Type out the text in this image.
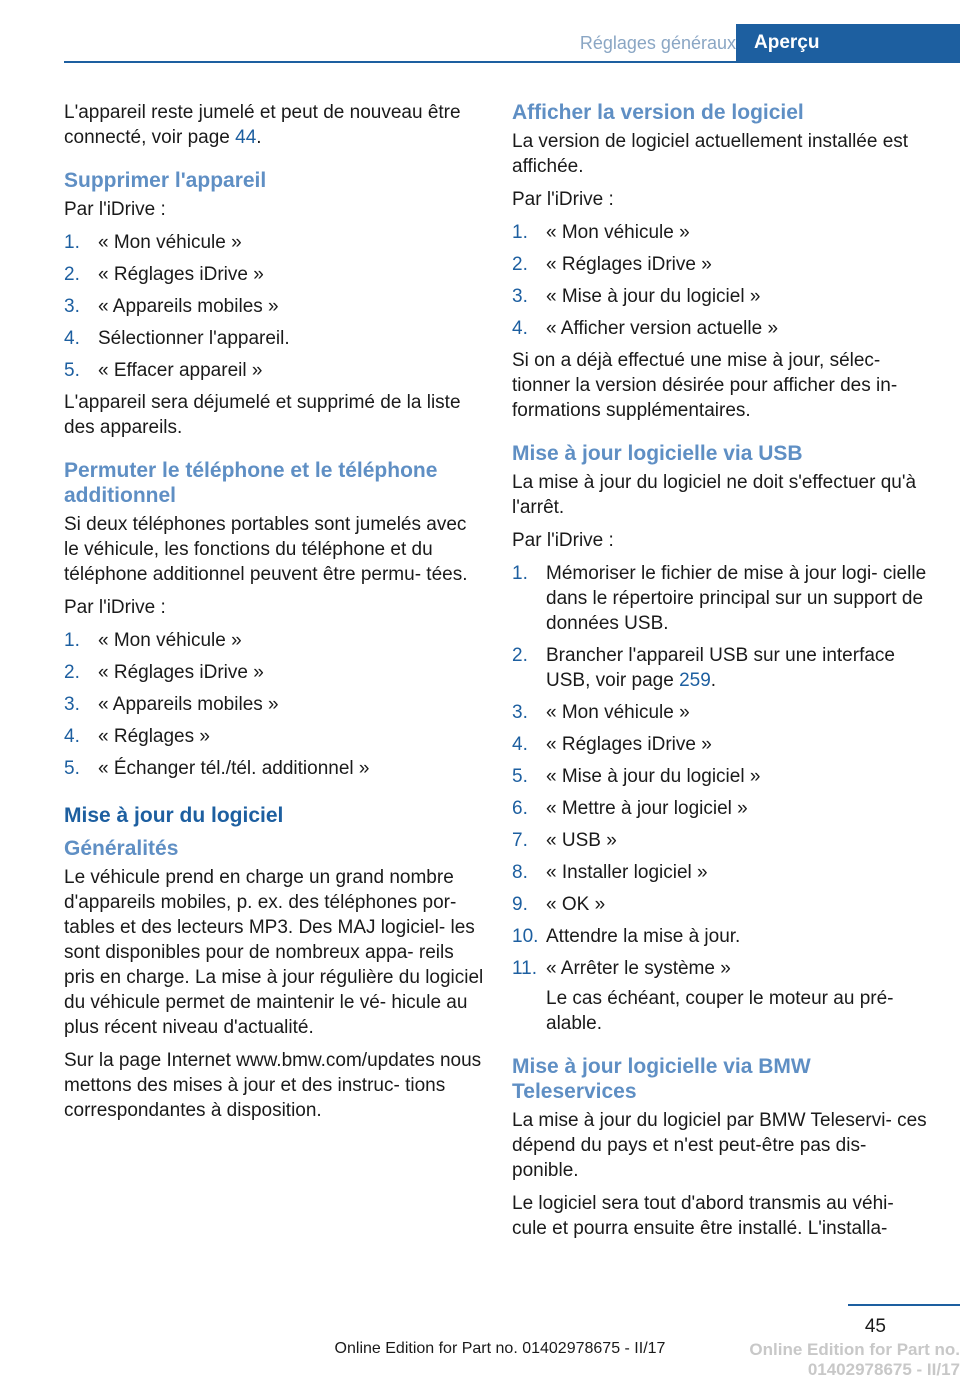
Réglages généraux Aperçu

L'appareil reste jumelé et peut de nouveau être connecté, voir page 44.

Supprimer l'appareil

Par l'iDrive :

1. « Mon véhicule »
2. « Réglages iDrive »
3. « Appareils mobiles »
4. Sélectionner l'appareil.
5. « Effacer appareil »

L'appareil sera déjumelé et supprimé de la liste des appareils.

Permuter le téléphone et le téléphone additionnel

Si deux téléphones portables sont jumelés avec le véhicule, les fonctions du téléphone et du téléphone additionnel peuvent être permu‐ tées.

Par l'iDrive :

1. « Mon véhicule »
2. « Réglages iDrive »
3. « Appareils mobiles »
4. « Réglages »
5. « Échanger tél./tél. additionnel »
Mise à jour du logiciel
Généralités

Le véhicule prend en charge un grand nombre d'appareils mobiles, p. ex. des téléphones por‐ tables et des lecteurs MP3. Des MAJ logiciel‐ les sont disponibles pour de nombreux appa‐ reils pris en charge. La mise à jour régulière du logiciel du véhicule permet de maintenir le vé‐ hicule au plus récent niveau d'actualité.

Sur la page Internet www.bmw.com/updates nous mettons des mises à jour et des instruc‐ tions correspondantes à disposition.

Afficher la version de logiciel

La version de logiciel actuellement installée est affichée.

Par l'iDrive :

1. « Mon véhicule »
2. « Réglages iDrive »
3. « Mise à jour du logiciel »
4. « Afficher version actuelle »

Si on a déjà effectué une mise à jour, sélec‐ tionner la version désirée pour afficher des in‐ formations supplémentaires.

Mise à jour logicielle via USB

La mise à jour du logiciel ne doit s'effectuer qu'à l'arrêt.

Par l'iDrive :

1. Mémoriser le fichier de mise à jour logi‐ cielle dans le répertoire principal sur un support de données USB.
2. Brancher l'appareil USB sur une interface USB, voir page 259.
3. « Mon véhicule »
4. « Réglages iDrive »
5. « Mise à jour du logiciel »
6. « Mettre à jour logiciel »
7. « USB »
8. « Installer logiciel »
9. « OK »
10. Attendre la mise à jour.
11. « Arrêter le système »
Le cas échéant, couper le moteur au pré‐ alable.
Mise à jour logicielle via BMW Teleservices

La mise à jour du logiciel par BMW Teleservi‐ ces dépend du pays et n'est peut-être pas dis‐ ponible.

Le logiciel sera tout d'abord transmis au véhi‐ cule et pourra ensuite être installé. L'installa‐

45
Online Edition for Part no. 01402978675 - II/17	Online Edition for Part no. 01402978675 - II/17
